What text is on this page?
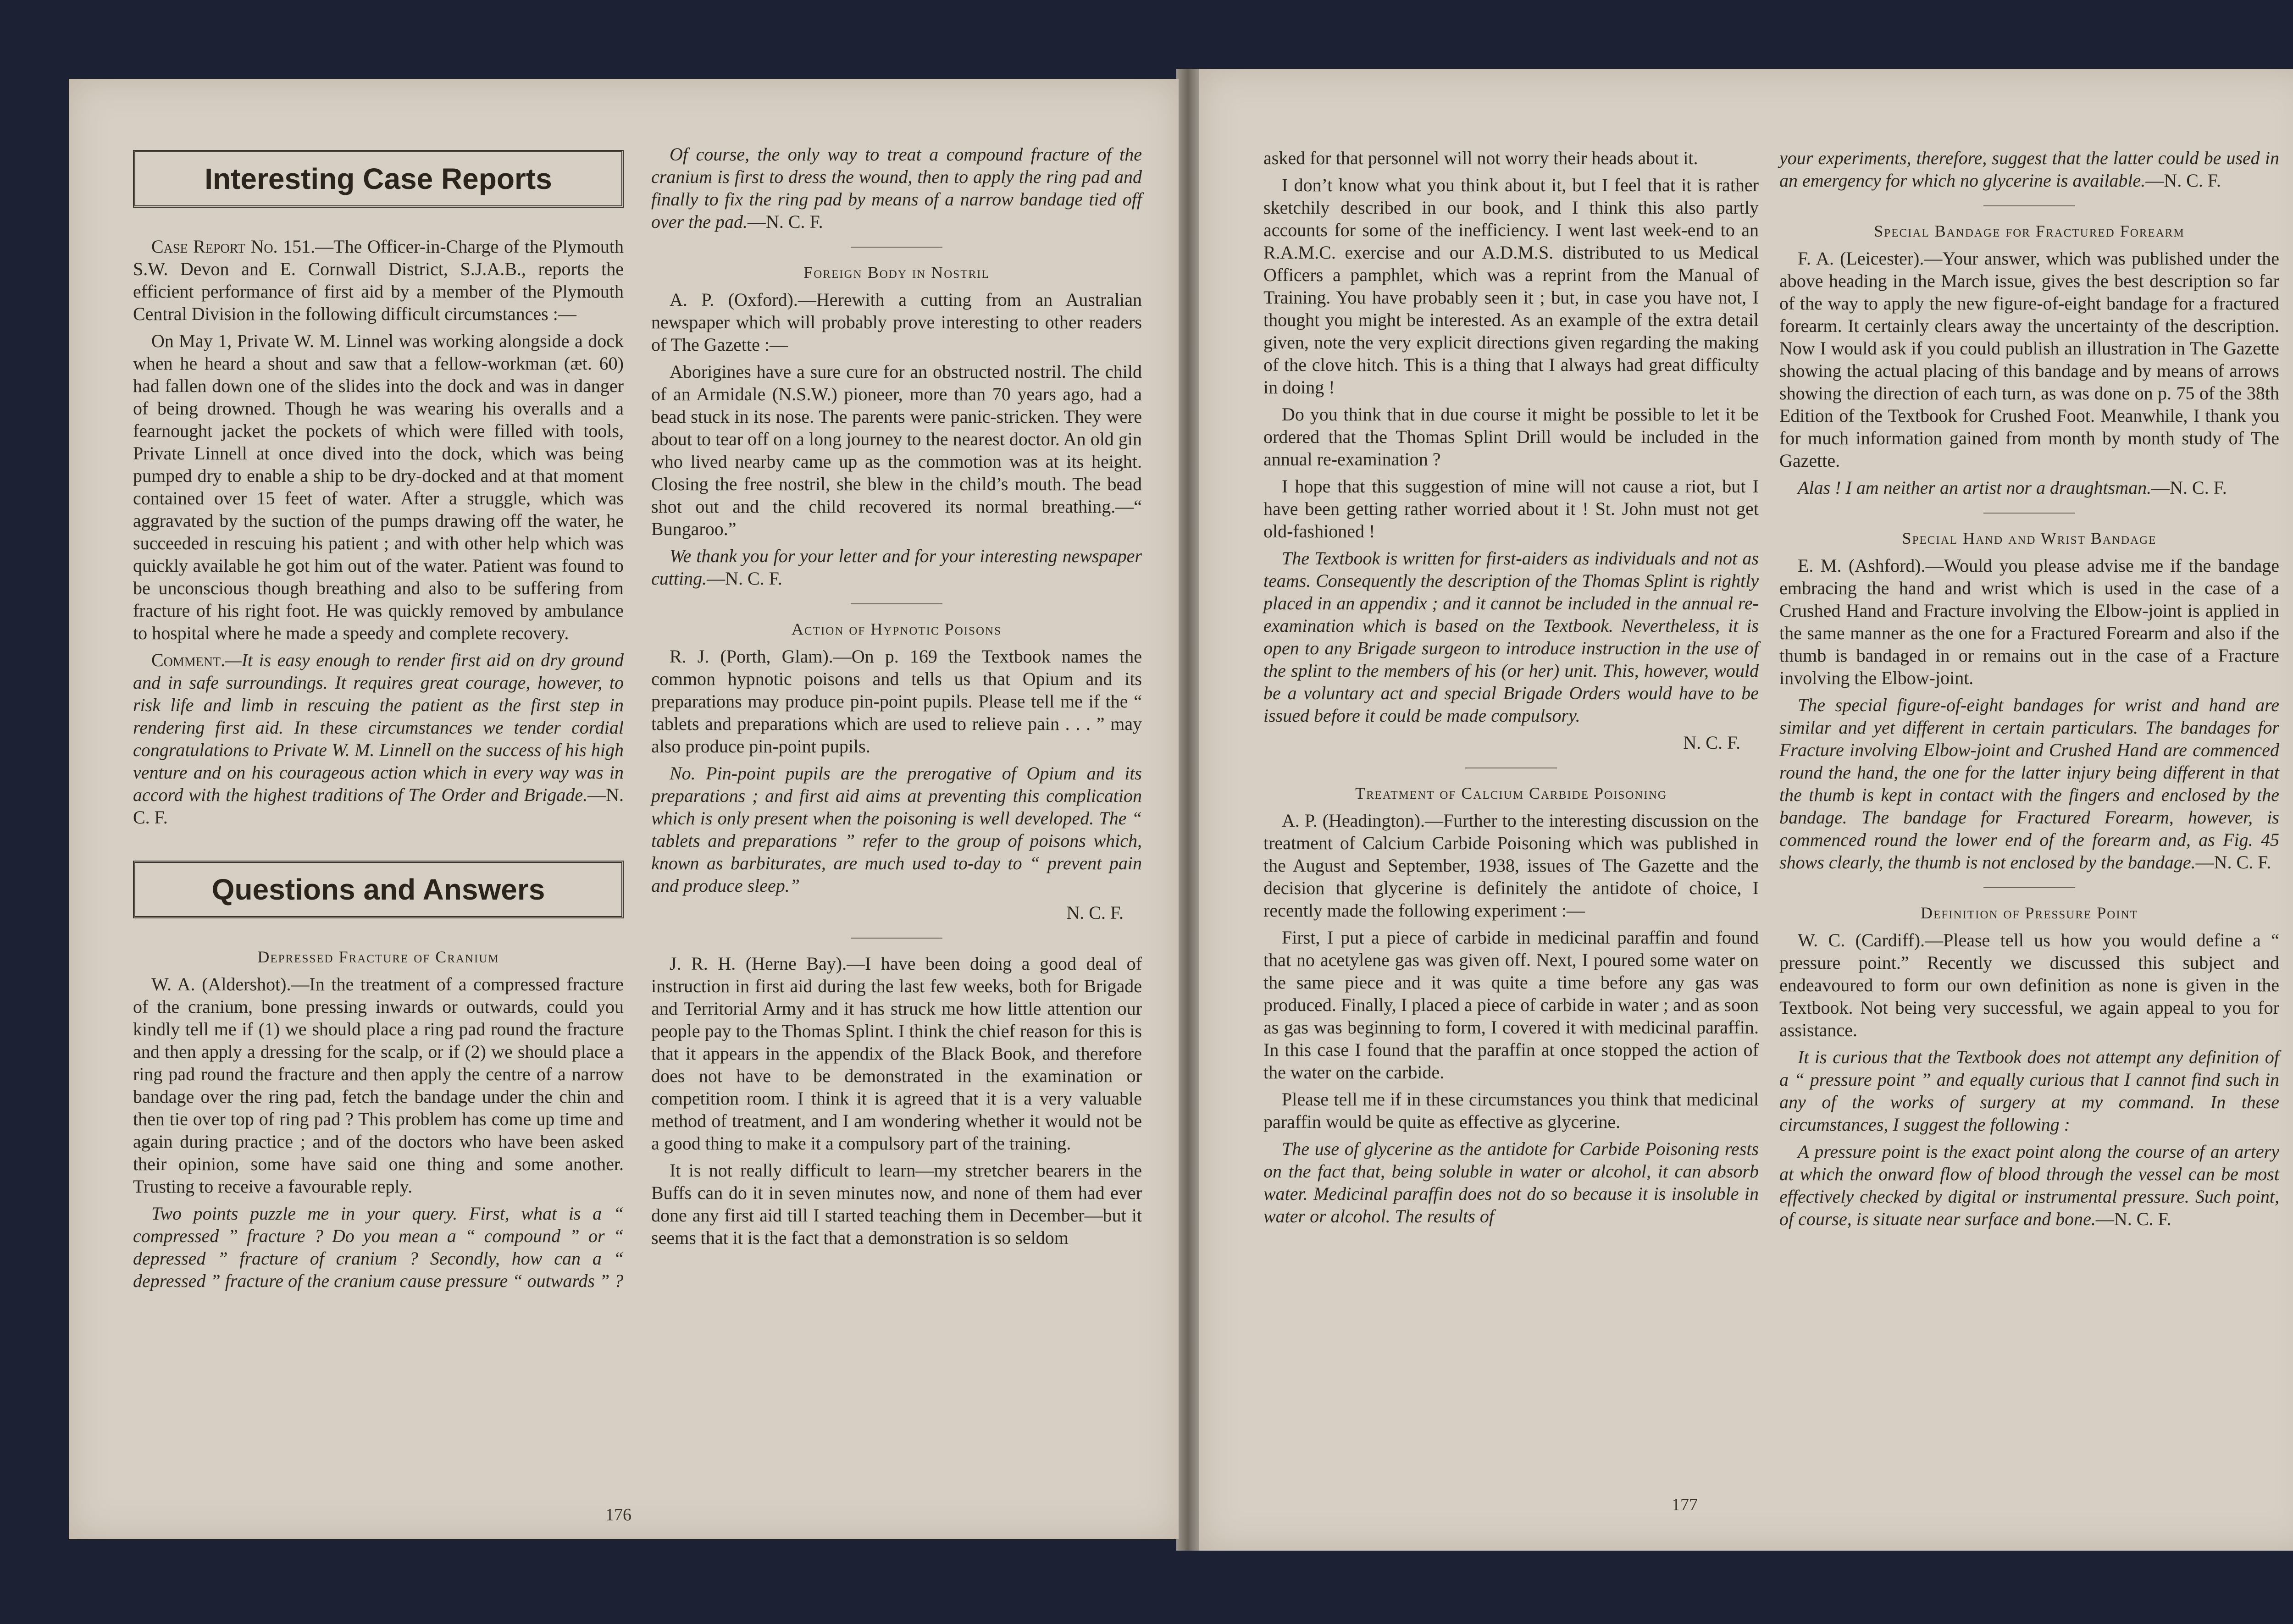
Interesting Case Reports

Case Report No. 151.—The Officer-in-Charge of the Plymouth S.W. Devon and E. Cornwall District, S.J.A.B., reports the efficient performance of first aid by a member of the Plymouth Central Division in the following difficult circumstances :—

On May 1, Private W. M. Linnel was working alongside a dock when he heard a shout and saw that a fellow-workman (æt. 60) had fallen down one of the slides into the dock and was in danger of being drowned. Though he was wearing his overalls and a fearnought jacket the pockets of which were filled with tools, Private Linnell at once dived into the dock, which was being pumped dry to enable a ship to be dry-docked and at that moment contained over 15 feet of water. After a struggle, which was aggravated by the suction of the pumps drawing off the water, he succeeded in rescuing his patient ; and with other help which was quickly available he got him out of the water. Patient was found to be unconscious though breathing and also to be suffering from fracture of his right foot. He was quickly removed by ambulance to hospital where he made a speedy and complete recovery.

Comment.—It is easy enough to render first aid on dry ground and in safe surroundings. It requires great courage, however, to risk life and limb in rescuing the patient as the first step in rendering first aid. In these circumstances we tender cordial congratulations to Private W. M. Linnell on the success of his high venture and on his courageous action which in every way was in accord with the highest traditions of The Order and Brigade.—N. C. F.

Questions and Answers
Depressed Fracture of Cranium

W. A. (Aldershot).—In the treatment of a compressed fracture of the cranium, bone pressing inwards or outwards, could you kindly tell me if (1) we should place a ring pad round the fracture and then apply a dressing for the scalp, or if (2) we should place a ring pad round the fracture and then apply the centre of a narrow bandage over the ring pad, fetch the bandage under the chin and then tie over top of ring pad ? This problem has come up time and again during practice ; and of the doctors who have been asked their opinion, some have said one thing and some another. Trusting to receive a favourable reply.

Two points puzzle me in your query. First, what is a “ compressed ” fracture ? Do you mean a “ compound ” or “ depressed ” fracture of cranium ? Secondly, how can a “ depressed ” fracture of the cranium cause pressure “ outwards ” ?

Of course, the only way to treat a compound fracture of the cranium is first to dress the wound, then to apply the ring pad and finally to fix the ring pad by means of a narrow bandage tied off over the pad.—N. C. F.

Foreign Body in Nostril

A. P. (Oxford).—Herewith a cutting from an Australian newspaper which will probably prove interesting to other readers of The Gazette :—

Aborigines have a sure cure for an obstructed nostril. The child of an Armidale (N.S.W.) pioneer, more than 70 years ago, had a bead stuck in its nose. The parents were panic-stricken. They were about to tear off on a long journey to the nearest doctor. An old gin who lived nearby came up as the commotion was at its height. Closing the free nostril, she blew in the child’s mouth. The bead shot out and the child recovered its normal breathing.—“ Bungaroo.”

We thank you for your letter and for your interesting newspaper cutting.—N. C. F.

Action of Hypnotic Poisons

R. J. (Porth, Glam).—On p. 169 the Textbook names the common hypnotic poisons and tells us that Opium and its preparations may produce pin-point pupils. Please tell me if the “ tablets and preparations which are used to relieve pain . . . ” may also produce pin-point pupils.

No. Pin-point pupils are the prerogative of Opium and its preparations ; and first aid aims at preventing this complication which is only present when the poisoning is well developed. The “ tablets and preparations ” refer to the group of poisons which, known as barbiturates, are much used to-day to “ prevent pain and produce sleep.”

N. C. F.

J. R. H. (Herne Bay).—I have been doing a good deal of instruction in first aid during the last few weeks, both for Brigade and Territorial Army and it has struck me how little attention our people pay to the Thomas Splint. I think the chief reason for this is that it appears in the appendix of the Black Book, and therefore does not have to be demonstrated in the examination or competition room. I think it is agreed that it is a very valuable method of treatment, and I am wondering whether it would not be a good thing to make it a compulsory part of the training.

It is not really difficult to learn—my stretcher bearers in the Buffs can do it in seven minutes now, and none of them had ever done any first aid till I started teaching them in December—but it seems that it is the fact that a demonstration is so seldom

176

asked for that personnel will not worry their heads about it.

I don’t know what you think about it, but I feel that it is rather sketchily described in our book, and I think this also partly accounts for some of the inefficiency. I went last week-end to an R.A.M.C. exercise and our A.D.M.S. distributed to us Medical Officers a pamphlet, which was a reprint from the Manual of Training. You have probably seen it ; but, in case you have not, I thought you might be interested. As an example of the extra detail given, note the very explicit directions given regarding the making of the clove hitch. This is a thing that I always had great difficulty in doing !

Do you think that in due course it might be possible to let it be ordered that the Thomas Splint Drill would be included in the annual re-examination ?

I hope that this suggestion of mine will not cause a riot, but I have been getting rather worried about it ! St. John must not get old-fashioned !

The Textbook is written for first-aiders as individuals and not as teams. Consequently the description of the Thomas Splint is rightly placed in an appendix ; and it cannot be included in the annual re-examination which is based on the Textbook. Nevertheless, it is open to any Brigade surgeon to introduce instruction in the use of the splint to the members of his (or her) unit. This, however, would be a voluntary act and special Brigade Orders would have to be issued before it could be made compulsory.

N. C. F.

Treatment of Calcium Carbide Poisoning

A. P. (Headington).—Further to the interesting discussion on the treatment of Calcium Carbide Poisoning which was published in the August and September, 1938, issues of The Gazette and the decision that glycerine is definitely the antidote of choice, I recently made the following experiment :—

First, I put a piece of carbide in medicinal paraffin and found that no acetylene gas was given off. Next, I poured some water on the same piece and it was quite a time before any gas was produced. Finally, I placed a piece of carbide in water ; and as soon as gas was beginning to form, I covered it with medicinal paraffin. In this case I found that the paraffin at once stopped the action of the water on the carbide.

Please tell me if in these circumstances you think that medicinal paraffin would be quite as effective as glycerine.

The use of glycerine as the antidote for Carbide Poisoning rests on the fact that, being soluble in water or alcohol, it can absorb water. Medicinal paraffin does not do so because it is insoluble in water or alcohol. The results of

your experiments, therefore, suggest that the latter could be used in an emergency for which no glycerine is available.—N. C. F.

Special Bandage for Fractured Forearm

F. A. (Leicester).—Your answer, which was published under the above heading in the March issue, gives the best description so far of the way to apply the new figure-of-eight bandage for a fractured forearm. It certainly clears away the uncertainty of the description. Now I would ask if you could publish an illustration in The Gazette showing the actual placing of this bandage and by means of arrows showing the direction of each turn, as was done on p. 75 of the 38th Edition of the Textbook for Crushed Foot. Meanwhile, I thank you for much information gained from month by month study of The Gazette.

Alas ! I am neither an artist nor a draughtsman.—N. C. F.

Special Hand and Wrist Bandage

E. M. (Ashford).—Would you please advise me if the bandage embracing the hand and wrist which is used in the case of a Crushed Hand and Fracture involving the Elbow-joint is applied in the same manner as the one for a Fractured Forearm and also if the thumb is bandaged in or remains out in the case of a Fracture involving the Elbow-joint.

The special figure-of-eight bandages for wrist and hand are similar and yet different in certain particulars. The bandages for Fracture involving Elbow-joint and Crushed Hand are commenced round the hand, the one for the latter injury being different in that the thumb is kept in contact with the fingers and enclosed by the bandage. The bandage for Fractured Forearm, however, is commenced round the lower end of the forearm and, as Fig. 45 shows clearly, the thumb is not enclosed by the bandage.—N. C. F.

Definition of Pressure Point

W. C. (Cardiff).—Please tell us how you would define a “ pressure point.” Recently we discussed this subject and endeavoured to form our own definition as none is given in the Textbook. Not being very successful, we again appeal to you for assistance.

It is curious that the Textbook does not attempt any definition of a “ pressure point ” and equally curious that I cannot find such in any of the works of surgery at my command. In these circumstances, I suggest the following :

A pressure point is the exact point along the course of an artery at which the onward flow of blood through the vessel can be most effectively checked by digital or instrumental pressure. Such point, of course, is situate near surface and bone.—N. C. F.

177
